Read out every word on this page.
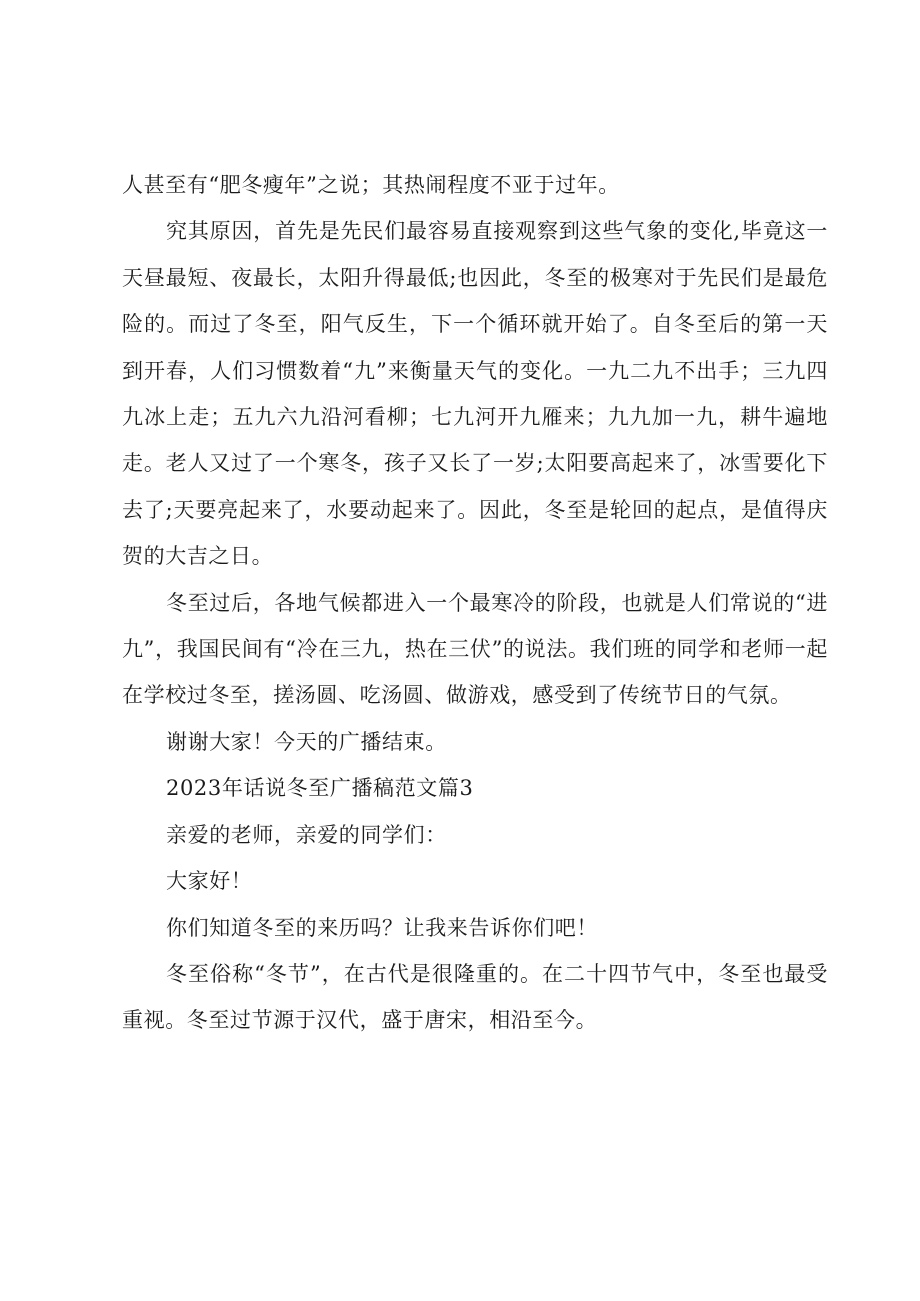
人甚至有“肥冬瘦年”之说；其热闹程度不亚于过年。

究其原因，首先是先民们最容易直接观察到这些气象的变化,毕竟这一天昼最短、夜最长，太阳升得最低;也因此，冬至的极寒对于先民们是最危险的。而过了冬至，阳气反生，下一个循环就开始了。自冬至后的第一天到开春，人们习惯数着“九”来衡量天气的变化。一九二九不出手；三九四九冰上走；五九六九沿河看柳；七九河开九雁来；九九加一九，耕牛遍地走。老人又过了一个寒冬，孩子又长了一岁;太阳要高起来了，冰雪要化下去了;天要亮起来了，水要动起来了。因此，冬至是轮回的起点，是值得庆贺的大吉之日。

冬至过后，各地气候都进入一个最寒冷的阶段，也就是人们常说的“进九”，我国民间有“冷在三九，热在三伏”的说法。我们班的同学和老师一起在学校过冬至，搓汤圆、吃汤圆、做游戏，感受到了传统节日的气氛。

谢谢大家！今天的广播结束。

2023年话说冬至广播稿范文篇3

亲爱的老师，亲爱的同学们：

大家好！

你们知道冬至的来历吗？让我来告诉你们吧！

冬至俗称“冬节”，在古代是很隆重的。在二十四节气中，冬至也最受重视。冬至过节源于汉代，盛于唐宋，相沿至今。
